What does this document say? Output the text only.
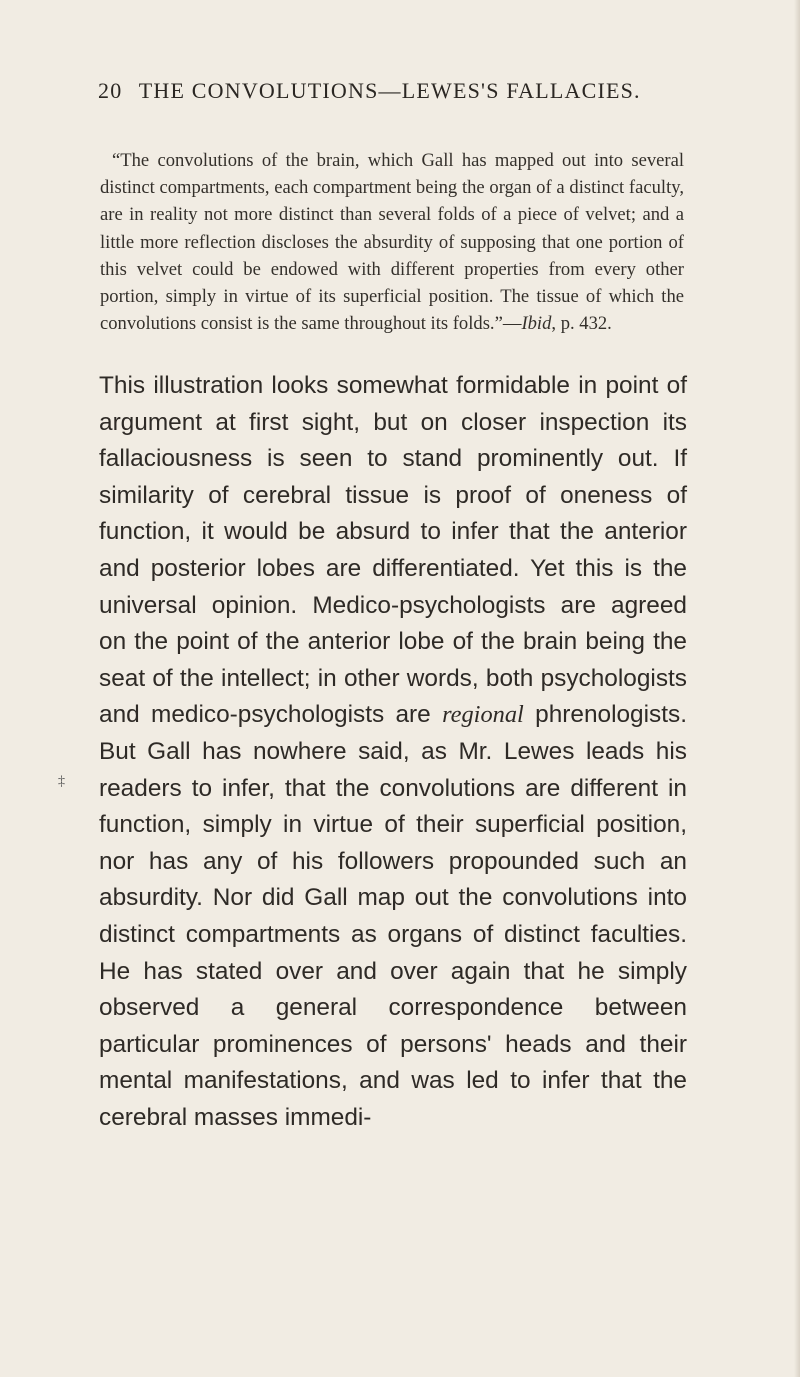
20 THE CONVOLUTIONS—LEWES'S FALLACIES.

“The convolutions of the brain, which Gall has mapped out into several distinct compartments, each compartment being the organ of a distinct faculty, are in reality not more distinct than several folds of a piece of velvet; and a little more reflection discloses the absurdity of supposing that one portion of this velvet could be endowed with different properties from every other portion, simply in virtue of its superficial position. The tissue of which the convolutions consist is the same throughout its folds.”—Ibid, p. 432.

‡

This illustration looks somewhat formidable in point of argument at first sight, but on closer inspection its fallaciousness is seen to stand prominently out. If similarity of cerebral tissue is proof of oneness of function, it would be absurd to infer that the anterior and posterior lobes are differentiated. Yet this is the universal opinion. Medico-psychologists are agreed on the point of the anterior lobe of the brain being the seat of the intellect; in other words, both psychologists and medico-psychologists are regional phrenologists. But Gall has nowhere said, as Mr. Lewes leads his readers to infer, that the convolutions are different in function, simply in virtue of their superficial position, nor has any of his followers propounded such an absurdity. Nor did Gall map out the convolutions into distinct compartments as organs of distinct faculties. He has stated over and over again that he simply observed a general correspondence between particular prominences of persons' heads and their mental manifestations, and was led to infer that the cerebral masses immedi-
